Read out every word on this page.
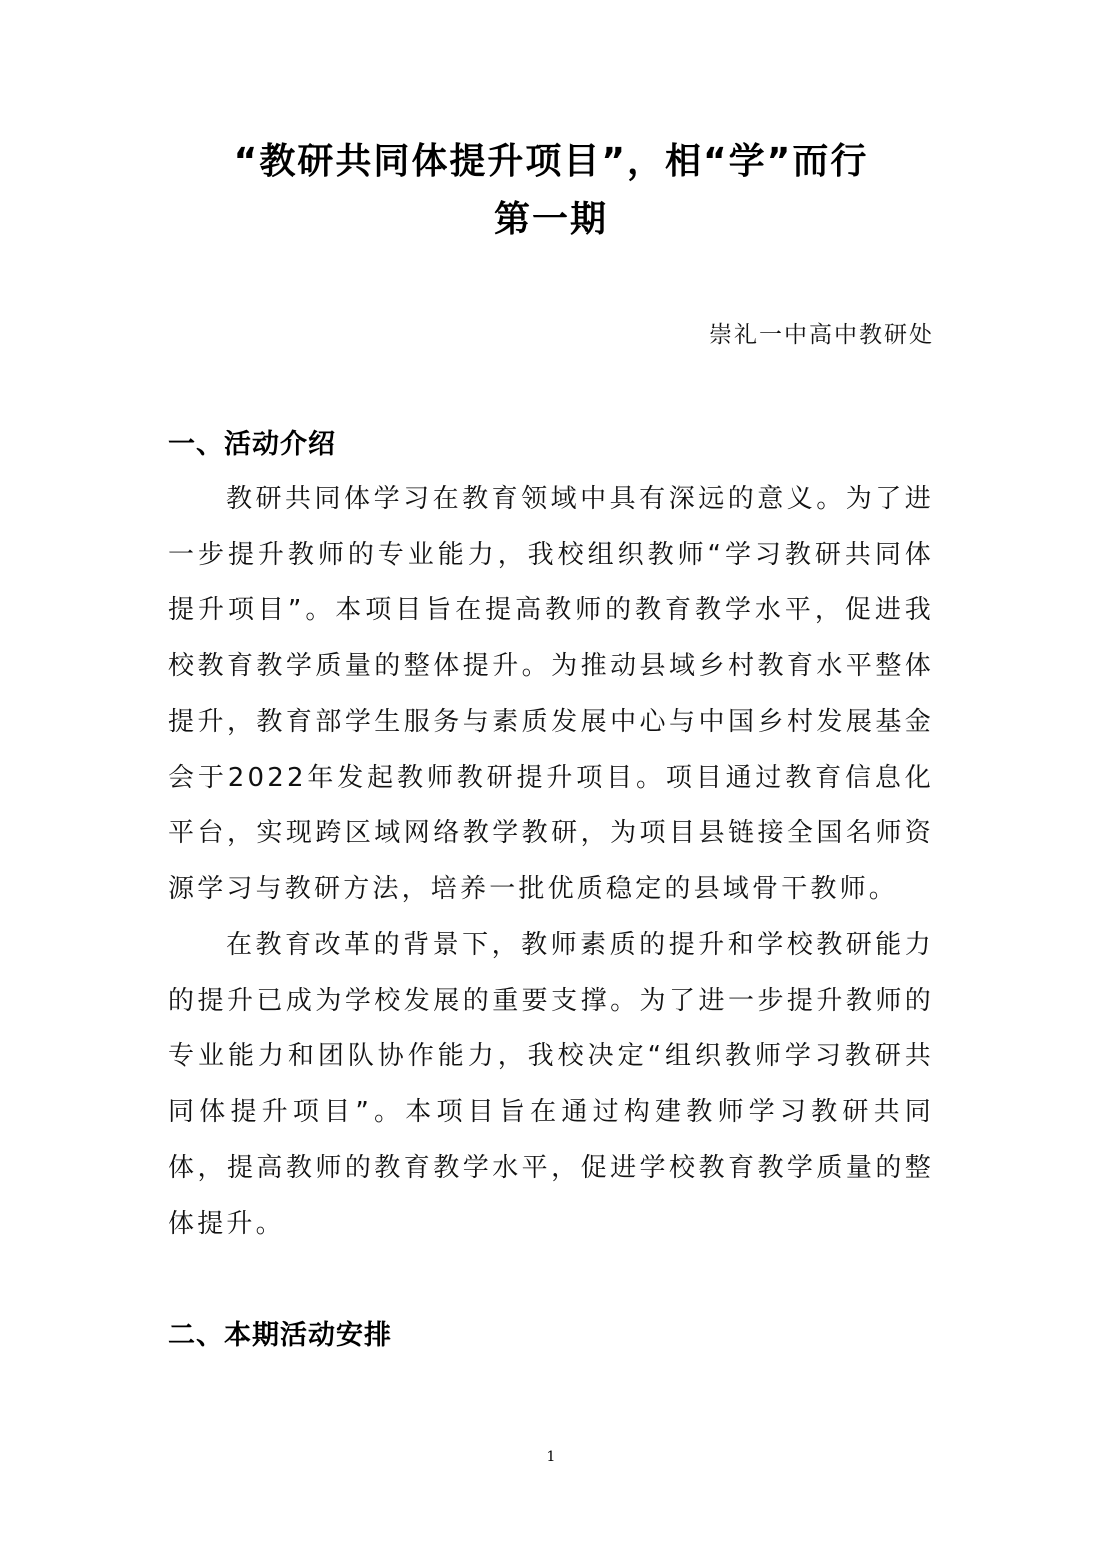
“教研共同体提升项目”，相“学”而行
第一期
崇礼一中高中教研处
一、活动介绍

教研共同体学习在教育领域中具有深远的意义。为了进一步提升教师的专业能力，我校组织教师“学习教研共同体提升项目”。本项目旨在提高教师的教育教学水平，促进我校教育教学质量的整体提升。为推动县域乡村教育水平整体提升，教育部学生服务与素质发展中心与中国乡村发展基金会于2022年发起教师教研提升项目。项目通过教育信息化平台，实现跨区域网络教学教研，为项目县链接全国名师资源学习与教研方法，培养一批优质稳定的县域骨干教师。

在教育改革的背景下，教师素质的提升和学校教研能力的提升已成为学校发展的重要支撑。为了进一步提升教师的专业能力和团队协作能力，我校决定“组织教师学习教研共同体提升项目”。本项目旨在通过构建教师学习教研共同体，提高教师的教育教学水平，促进学校教育教学质量的整体提升。

二、本期活动安排
1
